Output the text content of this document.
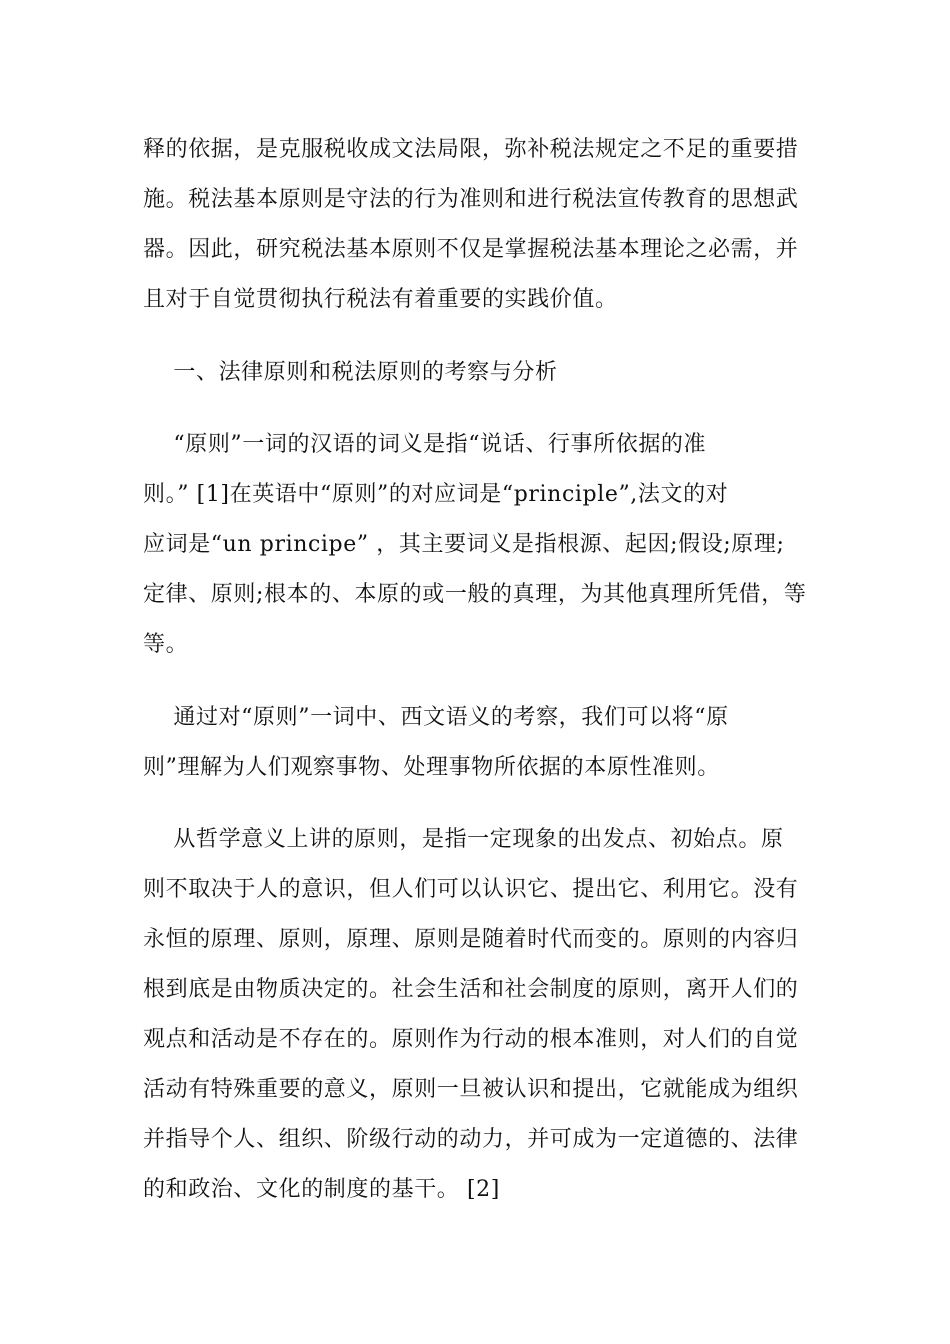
释的依据，是克服税收成文法局限，弥补税法规定之不足的重要措
施。税法基本原则是守法的行为准则和进行税法宣传教育的思想武
器。因此，研究税法基本原则不仅是掌握税法基本理论之必需，并
且对于自觉贯彻执行税法有着重要的实践价值。
一、法律原则和税法原则的考察与分析
“原则”一词的汉语的词义是指“说话、行事所依据的准
则。” [1]在英语中“原则”的对应词是“principle”,法文的对
应词是“un principe” ，其主要词义是指根源、起因;假设;原理;
定律、原则;根本的、本原的或一般的真理，为其他真理所凭借，等
等。
通过对“原则”一词中、西文语义的考察，我们可以将“原
则”理解为人们观察事物、处理事物所依据的本原性准则。
从哲学意义上讲的原则，是指一定现象的出发点、初始点。原
则不取决于人的意识，但人们可以认识它、提出它、利用它。没有
永恒的原理、原则，原理、原则是随着时代而变的。原则的内容归
根到底是由物质决定的。社会生活和社会制度的原则，离开人们的
观点和活动是不存在的。原则作为行动的根本准则，对人们的自觉
活动有特殊重要的意义，原则一旦被认识和提出，它就能成为组织
并指导个人、组织、阶级行动的动力，并可成为一定道德的、法律
的和政治、文化的制度的基干。 [2]
